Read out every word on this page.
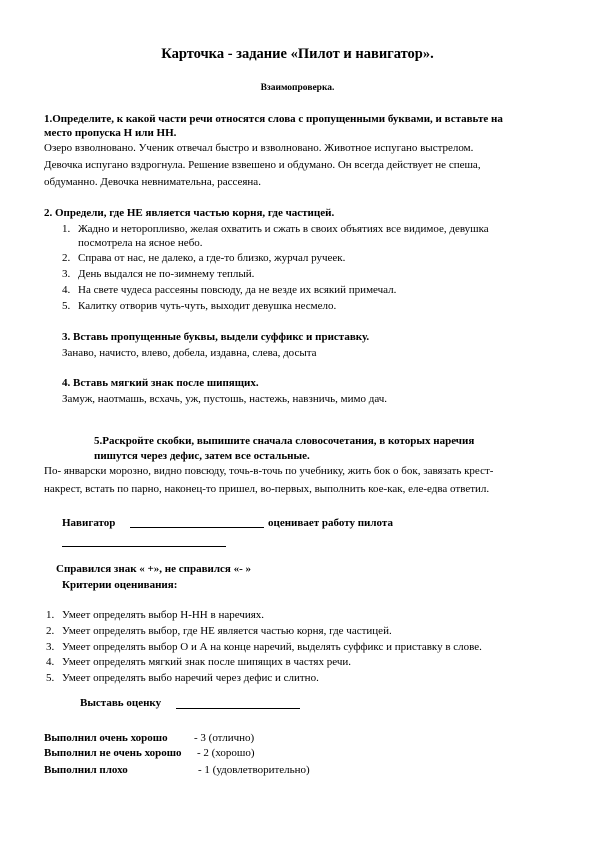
Карточка - задание «Пилот и навигатор».
Взаимопроверка.
1.Определите, к какой части речи относятся слова с пропущенными буквами, и вставьте на
место пропуска Н или НН.
Озеро взволновано. Ученик отвечал быстро и взволновано. Животное испугано выстрелом.
Девочка испугано вздрогнула. Решение взвешено и обдумано. Он всегда действует не спеша,
обдуманно. Девочка невнимательна, рассеяна.
2. Определи, где НЕ является частью корня, где частицей.
1. Жадно и нетороплиsво, желая охватить и сжать в своих объятиях все видимое, девушка
посмотрела на ясное небо.
2. Справа от нас, не далеко, а где-то близко, журчал ручеек.
3. День выдался не по-зимнему теплый.
4. На свете чудеса рассеяны повсюду, да не везде их всякий примечал.
5. Калитку отворив чуть-чуть, выходит девушка несмело.
3. Вставь пропущенные буквы, выдели суффикс и приставку.
Занаво, начисто, влево, добела, издавна, слева, досыта
4. Вставь мягкий знак после шипящих.
Замуж, наотмашь, всхачь, уж, пустошь, настежь, навзничь, мимо дач.
5.Раскройте скобки, выпишите сначала словосочетания, в которых наречия
пишутся через дефис, затем все остальные.
По- январски морозно, видно повсюду, точь-в-точь по учебнику, жить бок о бок, завязать крест-
накрест, встать по парно, наконец-то пришел, во-первых, выполнить кое-как, еле-едва ответил.
Навигатор	оценивает работу пилота
Справился знак « +», не справился «- »
Критерии оценивания:
1. Умеет определять выбор Н-НН в наречиях.
2. Умеет определять выбор, где НЕ является частью корня, где частицей.
3. Умеет определять выбор О и А на конце наречий, выделять суффикс и приставку в слове.
4. Умеет определять мягкий знак после шипящих в частях речи.
5. Умеет определять выбо наречий через дефис и слитно.
Выставь оценку
Выполнил очень хорошо - 3 (отлично)
Выполнил не очень хорошо - 2 (хорошо)
Выполнил плохо	- 1 (удовлетворительно)
